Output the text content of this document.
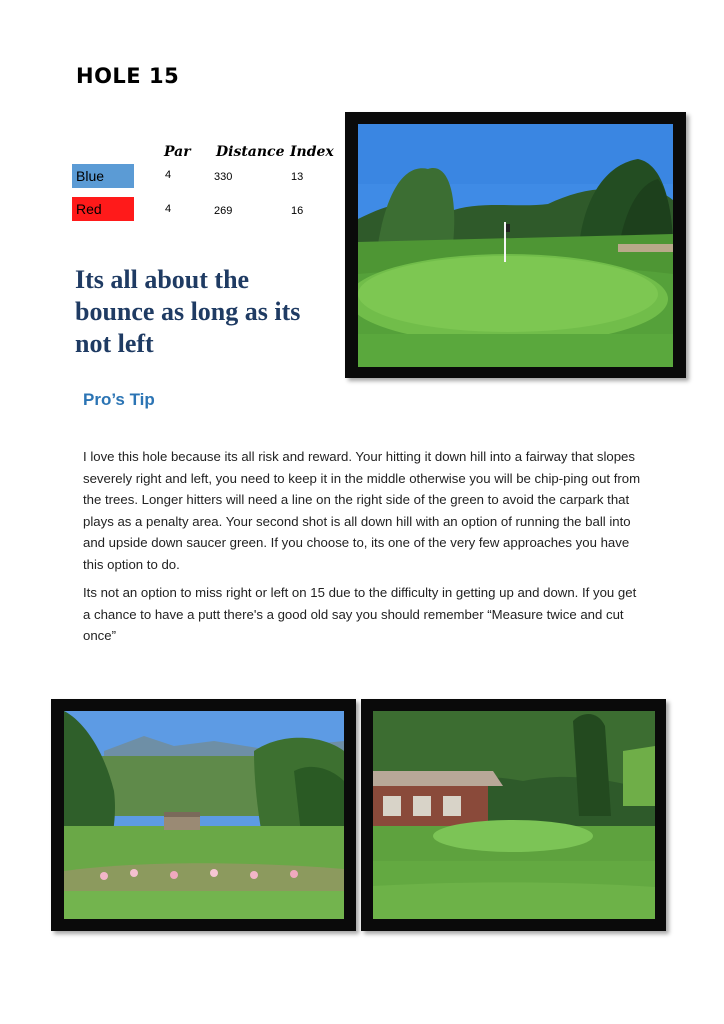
HOLE 15
Par Distance Index
Blue	4	330	13
Red	4	269	16
Its all about the bounce as long as its not left
Pro’s Tip
I love this hole because its all risk and reward. Your hitting it down hill into a fairway that slopes severely right and left, you need to keep it in the middle otherwise you will be chip-ping out from the trees. Longer hitters will need a line on the right side of the green to avoid the carpark that plays as a penalty area. Your second shot is all down hill with an option of running the ball into and upside down saucer green. If you choose to, its one of the very few approaches you have this option to do.
Its not an option to miss right or left on 15 due to the difficulty in getting up and down. If you get a chance to have a putt there's a good old say you should remember “Measure twice and cut once”
